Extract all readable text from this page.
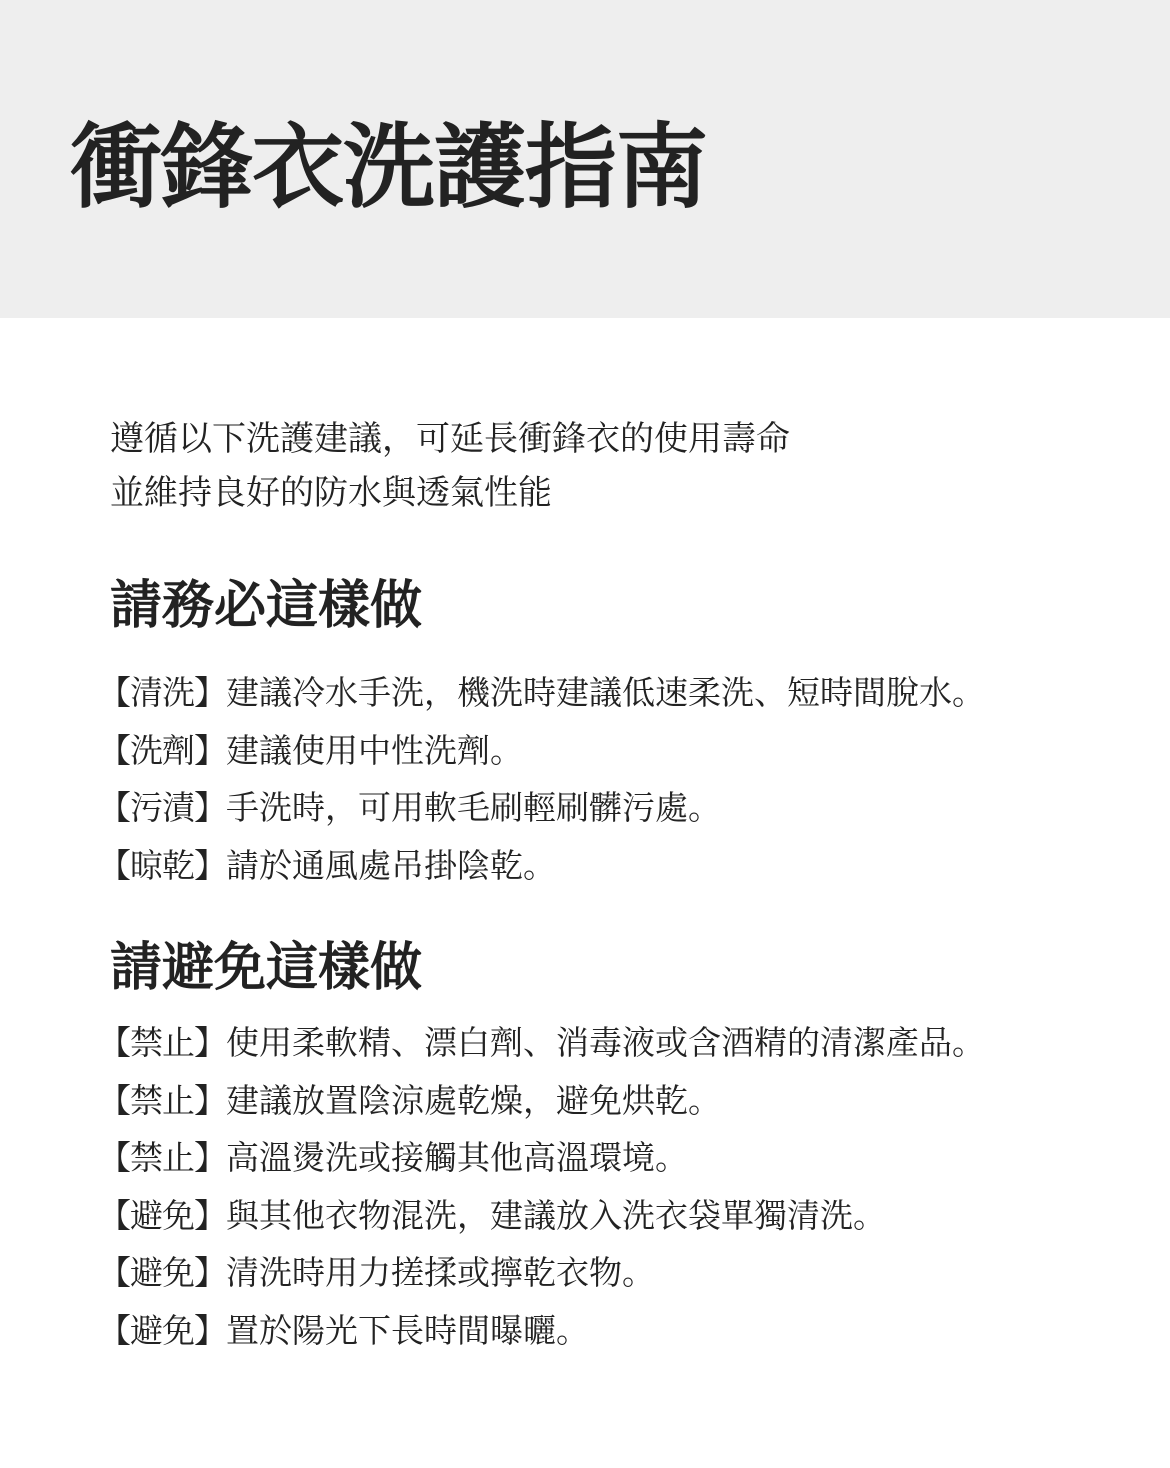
衝鋒衣洗護指南
遵循以下洗護建議，可延長衝鋒衣的使用壽命
並維持良好的防水與透氣性能
請務必這樣做
【清洗】建議冷水手洗，機洗時建議低速柔洗、短時間脫水。
【洗劑】建議使用中性洗劑。
【污漬】手洗時，可用軟毛刷輕刷髒污處。
【晾乾】請於通風處吊掛陰乾。
請避免這樣做
【禁止】使用柔軟精、漂白劑、消毒液或含酒精的清潔產品。
【禁止】建議放置陰涼處乾燥，避免烘乾。
【禁止】高溫燙洗或接觸其他高溫環境。
【避免】與其他衣物混洗，建議放入洗衣袋單獨清洗。
【避免】清洗時用力搓揉或擰乾衣物。
【避免】置於陽光下長時間曝曬。
